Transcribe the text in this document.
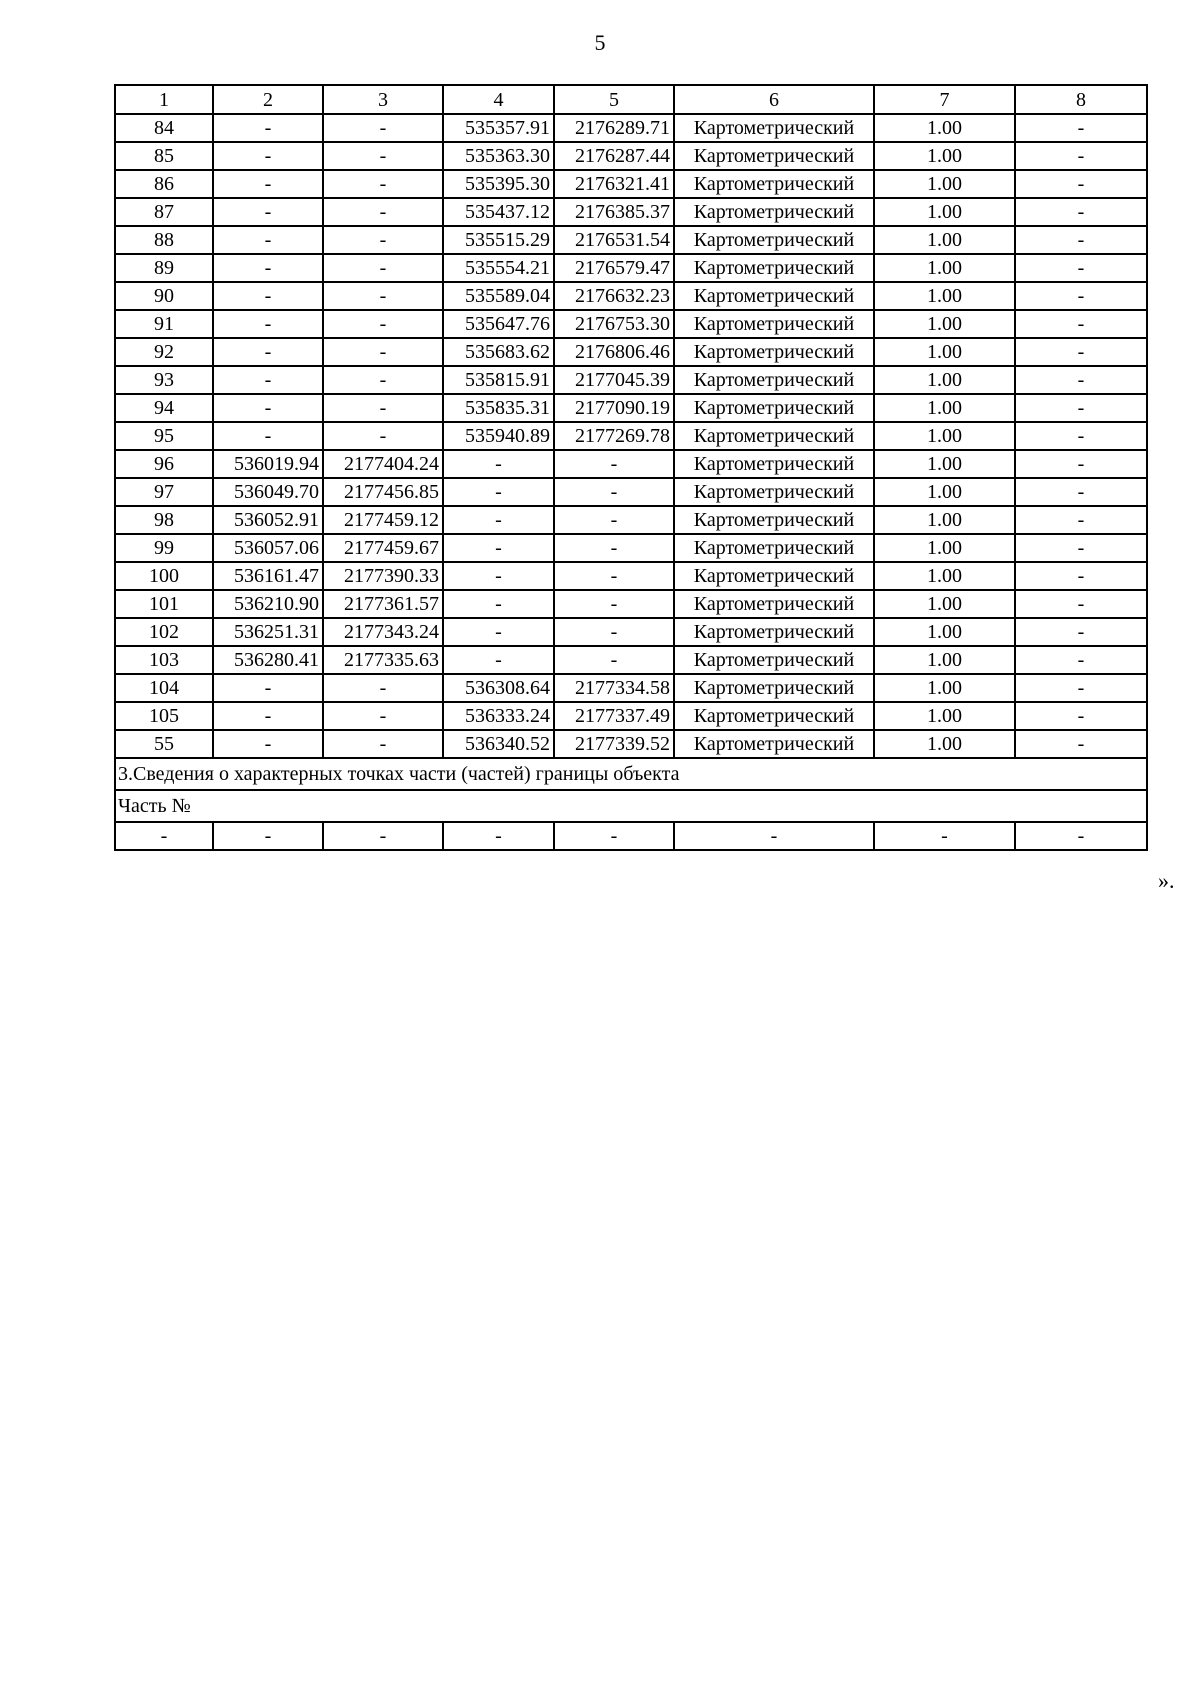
5
1	2	3	4	5	6	7	8
84	-	-	535357.91	2176289.71	Картометрический	1.00	-
85	-	-	535363.30	2176287.44	Картометрический	1.00	-
86	-	-	535395.30	2176321.41	Картометрический	1.00	-
87	-	-	535437.12	2176385.37	Картометрический	1.00	-
88	-	-	535515.29	2176531.54	Картометрический	1.00	-
89	-	-	535554.21	2176579.47	Картометрический	1.00	-
90	-	-	535589.04	2176632.23	Картометрический	1.00	-
91	-	-	535647.76	2176753.30	Картометрический	1.00	-
92	-	-	535683.62	2176806.46	Картометрический	1.00	-
93	-	-	535815.91	2177045.39	Картометрический	1.00	-
94	-	-	535835.31	2177090.19	Картометрический	1.00	-
95	-	-	535940.89	2177269.78	Картометрический	1.00	-
96	536019.94	2177404.24	-	-	Картометрический	1.00	-
97	536049.70	2177456.85	-	-	Картометрический	1.00	-
98	536052.91	2177459.12	-	-	Картометрический	1.00	-
99	536057.06	2177459.67	-	-	Картометрический	1.00	-
100	536161.47	2177390.33	-	-	Картометрический	1.00	-
101	536210.90	2177361.57	-	-	Картометрический	1.00	-
102	536251.31	2177343.24	-	-	Картометрический	1.00	-
103	536280.41	2177335.63	-	-	Картометрический	1.00	-
104	-	-	536308.64	2177334.58	Картометрический	1.00	-
105	-	-	536333.24	2177337.49	Картометрический	1.00	-
55	-	-	536340.52	2177339.52	Картометрический	1.00	-
3.Сведения о характерных точках части (частей) границы объекта							
Часть №							
-	-	-	-	-	-	-	-
».
